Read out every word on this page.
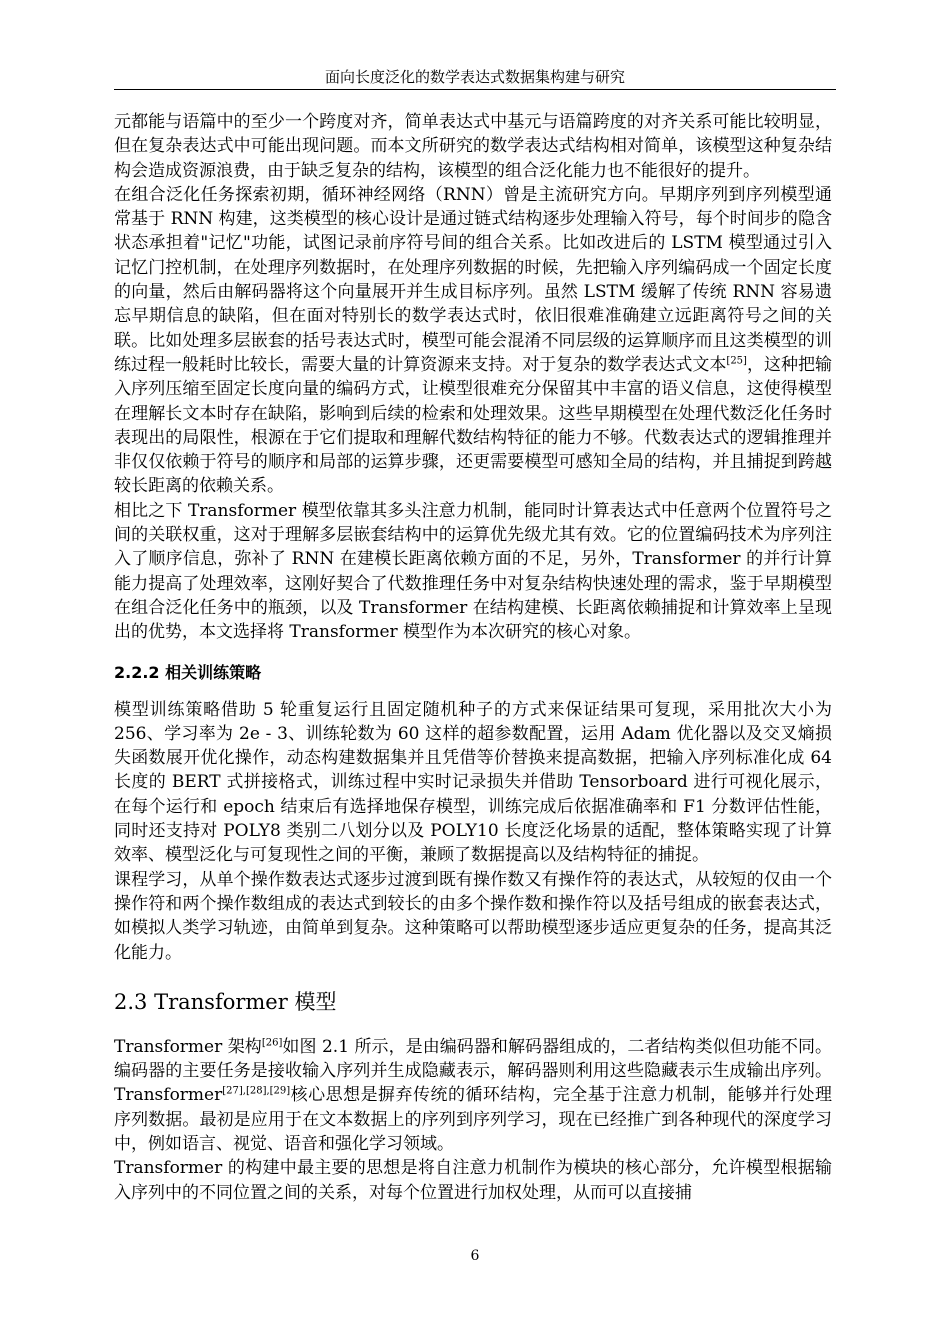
面向长度泛化的数学表达式数据集构建与研究

元都能与语篇中的至少一个跨度对齐，简单表达式中基元与语篇跨度的对齐关系可能比较明显，但在复杂表达式中可能出现问题。而本文所研究的数学表达式结构相对简单，该模型这种复杂结构会造成资源浪费，由于缺乏复杂的结构，该模型的组合泛化能力也不能很好的提升。

在组合泛化任务探索初期，循环神经网络（RNN）曾是主流研究方向。早期序列到序列模型通常基于 RNN 构建，这类模型的核心设计是通过链式结构逐步处理输入符号，每个时间步的隐含状态承担着"记忆"功能，试图记录前序符号间的组合关系。比如改进后的 LSTM 模型通过引入记忆门控机制，在处理序列数据时，在处理序列数据的时候，先把输入序列编码成一个固定长度的向量，然后由解码器将这个向量展开并生成目标序列。虽然 LSTM 缓解了传统 RNN 容易遗忘早期信息的缺陷，但在面对特别长的数学表达式时，依旧很难准确建立远距离符号之间的关联。比如处理多层嵌套的括号表达式时，模型可能会混淆不同层级的运算顺序而且这类模型的训练过程一般耗时比较长，需要大量的计算资源来支持。对于复杂的数学表达式文本[25]，这种把输入序列压缩至固定长度向量的编码方式，让模型很难充分保留其中丰富的语义信息，这使得模型在理解长文本时存在缺陷，影响到后续的检索和处理效果。这些早期模型在处理代数泛化任务时表现出的局限性，根源在于它们提取和理解代数结构特征的能力不够。代数表达式的逻辑推理并非仅仅依赖于符号的顺序和局部的运算步骤，还更需要模型可感知全局的结构，并且捕捉到跨越较长距离的依赖关系。

相比之下 Transformer 模型依靠其多头注意力机制，能同时计算表达式中任意两个位置符号之间的关联权重，这对于理解多层嵌套结构中的运算优先级尤其有效。它的位置编码技术为序列注入了顺序信息，弥补了 RNN 在建模长距离依赖方面的不足，另外，Transformer 的并行计算能力提高了处理效率，这刚好契合了代数推理任务中对复杂结构快速处理的需求，鉴于早期模型在组合泛化任务中的瓶颈，以及 Transformer 在结构建模、长距离依赖捕捉和计算效率上呈现出的优势，本文选择将 Transformer 模型作为本次研究的核心对象。

2.2.2 相关训练策略

模型训练策略借助 5 轮重复运行且固定随机种子的方式来保证结果可复现，采用批次大小为 256、学习率为 2e - 3、训练轮数为 60 这样的超参数配置，运用 Adam 优化器以及交叉熵损失函数展开优化操作，动态构建数据集并且凭借等价替换来提高数据，把输入序列标准化成 64 长度的 BERT 式拼接格式，训练过程中实时记录损失并借助 Tensorboard 进行可视化展示，在每个运行和 epoch 结束后有选择地保存模型，训练完成后依据准确率和 F1 分数评估性能，同时还支持对 POLY8 类别二八划分以及 POLY10 长度泛化场景的适配，整体策略实现了计算效率、模型泛化与可复现性之间的平衡，兼顾了数据提高以及结构特征的捕捉。

课程学习，从单个操作数表达式逐步过渡到既有操作数又有操作符的表达式，从较短的仅由一个操作符和两个操作数组成的表达式到较长的由多个操作数和操作符以及括号组成的嵌套表达式，如模拟人类学习轨迹，由简单到复杂。这种策略可以帮助模型逐步适应更复杂的任务，提高其泛化能力。

2.3 Transformer 模型

Transformer 架构[26]如图 2.1 所示，是由编码器和解码器组成的，二者结构类似但功能不同。编码器的主要任务是接收输入序列并生成隐藏表示，解码器则利用这些隐藏表示生成输出序列。Transformer[27],[28],[29]核心思想是摒弃传统的循环结构，完全基于注意力机制，能够并行处理序列数据。最初是应用于在文本数据上的序列到序列学习，现在已经推广到各种现代的深度学习中，例如语言、视觉、语音和强化学习领域。

Transformer 的构建中最主要的思想是将自注意力机制作为模块的核心部分，允许模型根据输入序列中的不同位置之间的关系，对每个位置进行加权处理，从而可以直接捕

6
